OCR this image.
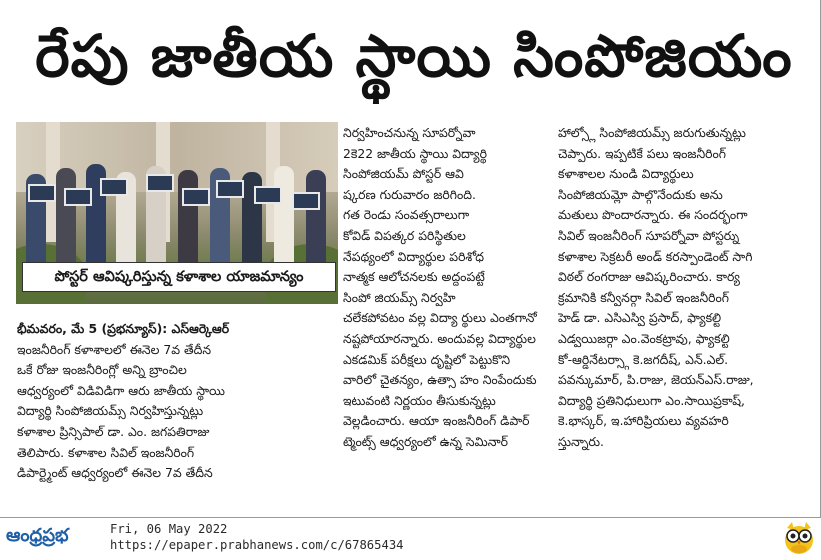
రేపు జాతీయ స్థాయి సింపోజియం
పోస్టర్ ఆవిష్కరిస్తున్న కళాశాల యాజమాన్యం

భీమవరం, మే 5 (ప్రభన్యూస్): ఎస్ఆర్కెఆర్

ఇంజనీరింగ్ కళాశాలలో ఈనెల 7వ తేదీన

ఒకే రోజు ఇంజనీరింగ్లో అన్ని బ్రాంచిల

ఆధ్వర్యంలో విడివిడిగా ఆరు జాతీయ స్థాయి

విద్యార్థి సింపోజియమ్స్ నిర్వహిస్తున్నట్లు

కళాశాల ప్రిన్సిపాల్ డా. ఎం. జగపతిరాజు

తెలిపారు. కళాశాల సివిల్ ఇంజనీరింగ్

డిపార్ట్మెంట్ ఆధ్వర్యంలో ఈనెల 7వ తేదీన

నిర్వహించనున్న సూపర్నోవా

2కె22 జాతీయ స్థాయి విద్యార్థి

సింపోజియమ్ పోస్టర్ ఆవి

ష్కరణ గురువారం జరిగింది.

గత రెండు సంవత్సరాలుగా

కోవిడ్ విపత్కర పరిస్థితుల

నేపథ్యంలో విద్యార్థుల పరిశోధ

నాత్మక ఆలోచనలకు అద్దంపట్టే

సింపో జియమ్స్ నిర్వహి

చలేకపోవటం వల్ల విద్యా ర్థులు ఎంతగానో

నష్టపోయారన్నారు. అందువల్ల విద్యార్థుల

ఎకడమిక్ పరీక్షలు దృష్టిలో పెట్టుకొని

వారిలో చైతన్యం, ఉత్సా హం నింపేందుకు

ఇటువంటి నిర్ణయం తీసుకున్నట్లు

వెల్లడించారు. ఆయా ఇంజనీరింగ్ డిపార్

ట్మెంట్స్ ఆధ్వర్యంలో ఉన్న సెమినార్

హాల్స్లో సింపోజియమ్స్ జరుగుతున్నట్లు

చెప్పారు. ఇప్పటికే పలు ఇంజనీరింగ్

కళాశాలల నుండి విద్యార్థులు

సింపోజియమ్లో పాల్గొనేందుకు అను

మతులు పొందారన్నారు. ఈ సందర్భంగా

సివిల్ ఇంజనీరింగ్ సూపర్నోవా పోస్టర్ను

కళాశాల సెక్రటరీ అండ్ కరస్పాండెంట్ సాగి

విఠల్ రంగరాజు ఆవిష్కరించారు. కార్య

క్రమానికి కన్వీనర్గా సివిల్ ఇంజనీరింగ్

హెడ్ డా. ఎసిఎస్వి ప్రసాద్, ఫ్యాకల్టి

ఎడ్వయిజర్గా ఎం.వెంకట్రావు, ఫ్యాకల్టి

కో-ఆర్డినేటర్స్గా కె.జగదీష్, ఎన్.ఎల్.

పవన్కుమార్, పి.రాజు, జెయన్ఎస్.రాజు,

విద్యార్థి ప్రతినిధులుగా ఎం.సాయిప్రకాష్,

కె.భాస్కర్, ఇ.హారిప్రియలు వ్యవహరి

స్తున్నారు.

ఆంధ్రప్రభ	Fri, 06 May 2022
https://epaper.prabhanews.com/c/67865434
